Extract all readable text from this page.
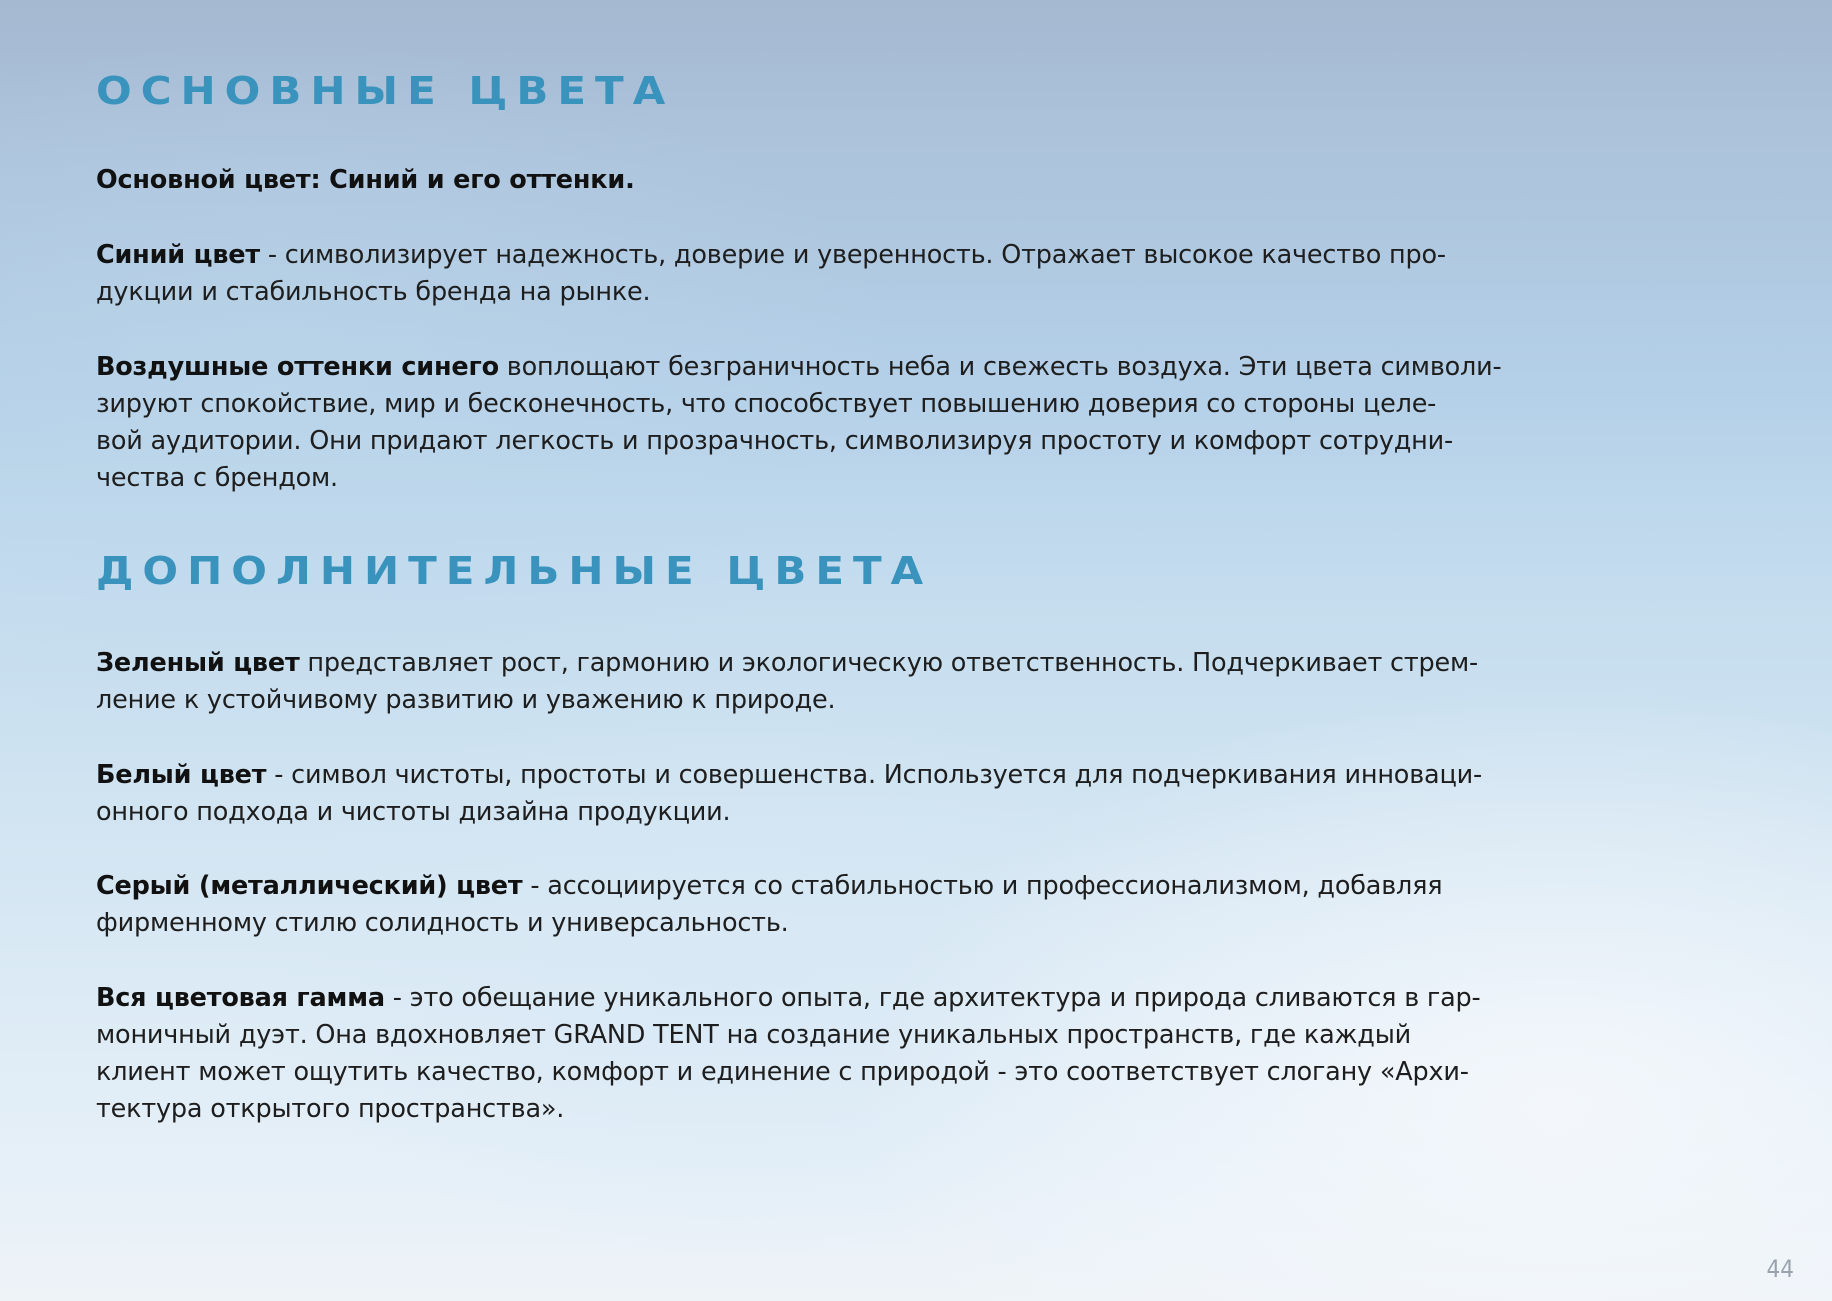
ОСНОВНЫЕ ЦВЕТА
Основной цвет: Синий и его оттенки.
Синий цвет - символизирует надежность, доверие и уверенность. Отражает высокое качество про-
дукции и стабильность бренда на рынке.
Воздушные оттенки синего воплощают безграничность неба и свежесть воздуха. Эти цвета символи-
зируют спокойствие, мир и бесконечность, что способствует повышению доверия со стороны целе-
вой аудитории. Они придают легкость и прозрачность, символизируя простоту и комфорт сотрудни-
чества с брендом.
ДОПОЛНИТЕЛЬНЫЕ ЦВЕТА
Зеленый цвет представляет рост, гармонию и экологическую ответственность. Подчеркивает стрем-
ление к устойчивому развитию и уважению к природе.
Белый цвет - символ чистоты, простоты и совершенства. Используется для подчеркивания инноваци-
онного подхода и чистоты дизайна продукции.
Серый (металлический) цвет - ассоциируется со стабильностью и профессионализмом, добавляя
фирменному стилю солидность и универсальность.
Вся цветовая гамма - это обещание уникального опыта, где архитектура и природа сливаются в гар-
моничный дуэт. Она вдохновляет GRAND TENT на создание уникальных пространств, где каждый
клиент может ощутить качество, комфорт и единение с природой - это соответствует слогану «Архи-
тектура открытого пространства».
44
